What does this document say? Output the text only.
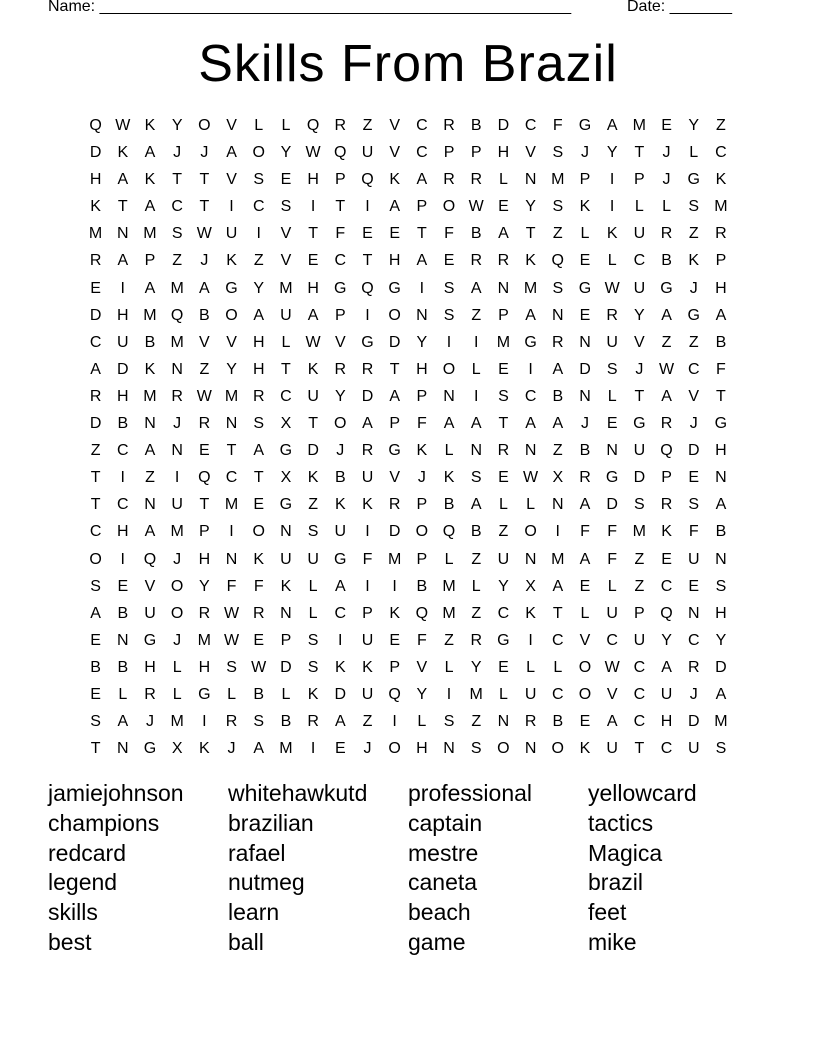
Name: _____________________________________________________	Date: _______
Skills From Brazil
Q W K	Y O V	L	L	Q R	Z	V	C R	B	D C	F	G A M E	Y	Z
D	K	A	J	J	A O Y W Q U	V	C	P	P	H	V	S	J	Y	T	J	L	C
H	A	K	T	T	V	S	E	H	P Q K	A	R R	L	N M P	I	P	J	G K
K	T	A	C	T	I	C	S	I	T	I	A	P O W E	Y	S	K	I	L	L	S M
M N M S W U	I	V	T	F	E	E	T	F	B	A	T	Z	L	K	U R	Z	R
R	A	P	Z	J	K	Z	V	E	C	T	H	A	E	R R	K Q E	L	C	B	K	P
E	I	A M A G Y M H G Q G	I	S	A	N M S G W U G	J	H
D H M Q B O A	U	A	P	I	O N	S	Z	P	A	N	E	R	Y	A G A
C U	B M V	V	H	L W V G D	Y	I	I	M G R N U	V	Z	Z	B
A	D	K	N	Z	Y	H	T	K	R R	T	H O	L	E	I	A	D	S	J W C	F
R H M R W M R C U	Y	D	A	P	N	I	S	C	B	N	L	T	A	V	T
D	B	N	J	R N	S	X	T	O A	P	F	A	A	T	A	A	J	E G R	J	G
Z	C	A	N	E	T	A G D	J	R G K	L	N R N	Z	B	N U Q D H
T	I	Z	I	Q C	T	X	K	B	U	V	J	K	S	E W X	R G D	P	E	N
T	C N U	T M E G	Z	K	K	R	P	B	A	L	L	N	A	D	S	R	S	A
C H	A M P	I	O N	S	U	I	D O Q B	Z	O	I	F	F M K	F	B
O	I	Q	J	H N	K	U U G	F M P	L	Z	U N M A	F	Z	E	U N
S	E	V O Y	F	F	K	L	A	I	I	B M	L	Y	X	A	E	L	Z	C	E	S
A	B	U O R W R N	L	C	P	K Q M Z	C	K	T	L	U	P Q N H
E	N G	J	M W E	P	S	I	U	E	F	Z	R G	I	C	V	C U	Y	C	Y
B	B	H	L	H	S W D	S	K	K	P	V	L	Y	E	L	L	O W C	A	R D
E	L	R	L	G	L	B	L	K	D U Q Y	I	M	L	U C O V	C U	J	A
S	A	J	M	I	R	S	B	R	A	Z	I	L	S	Z	N R	B	E	A	C H D M
T	N G X	K	J	A M	I	E	J	O H N	S O N O K	U	T	C U	S
jamiejohnson	whitehawkutd	professional	yellowcard
champions	brazilian	captain	tactics
redcard	rafael	mestre	Magica
legend	nutmeg	caneta	brazil
skills	learn	beach	feet
best	ball	game	mike
